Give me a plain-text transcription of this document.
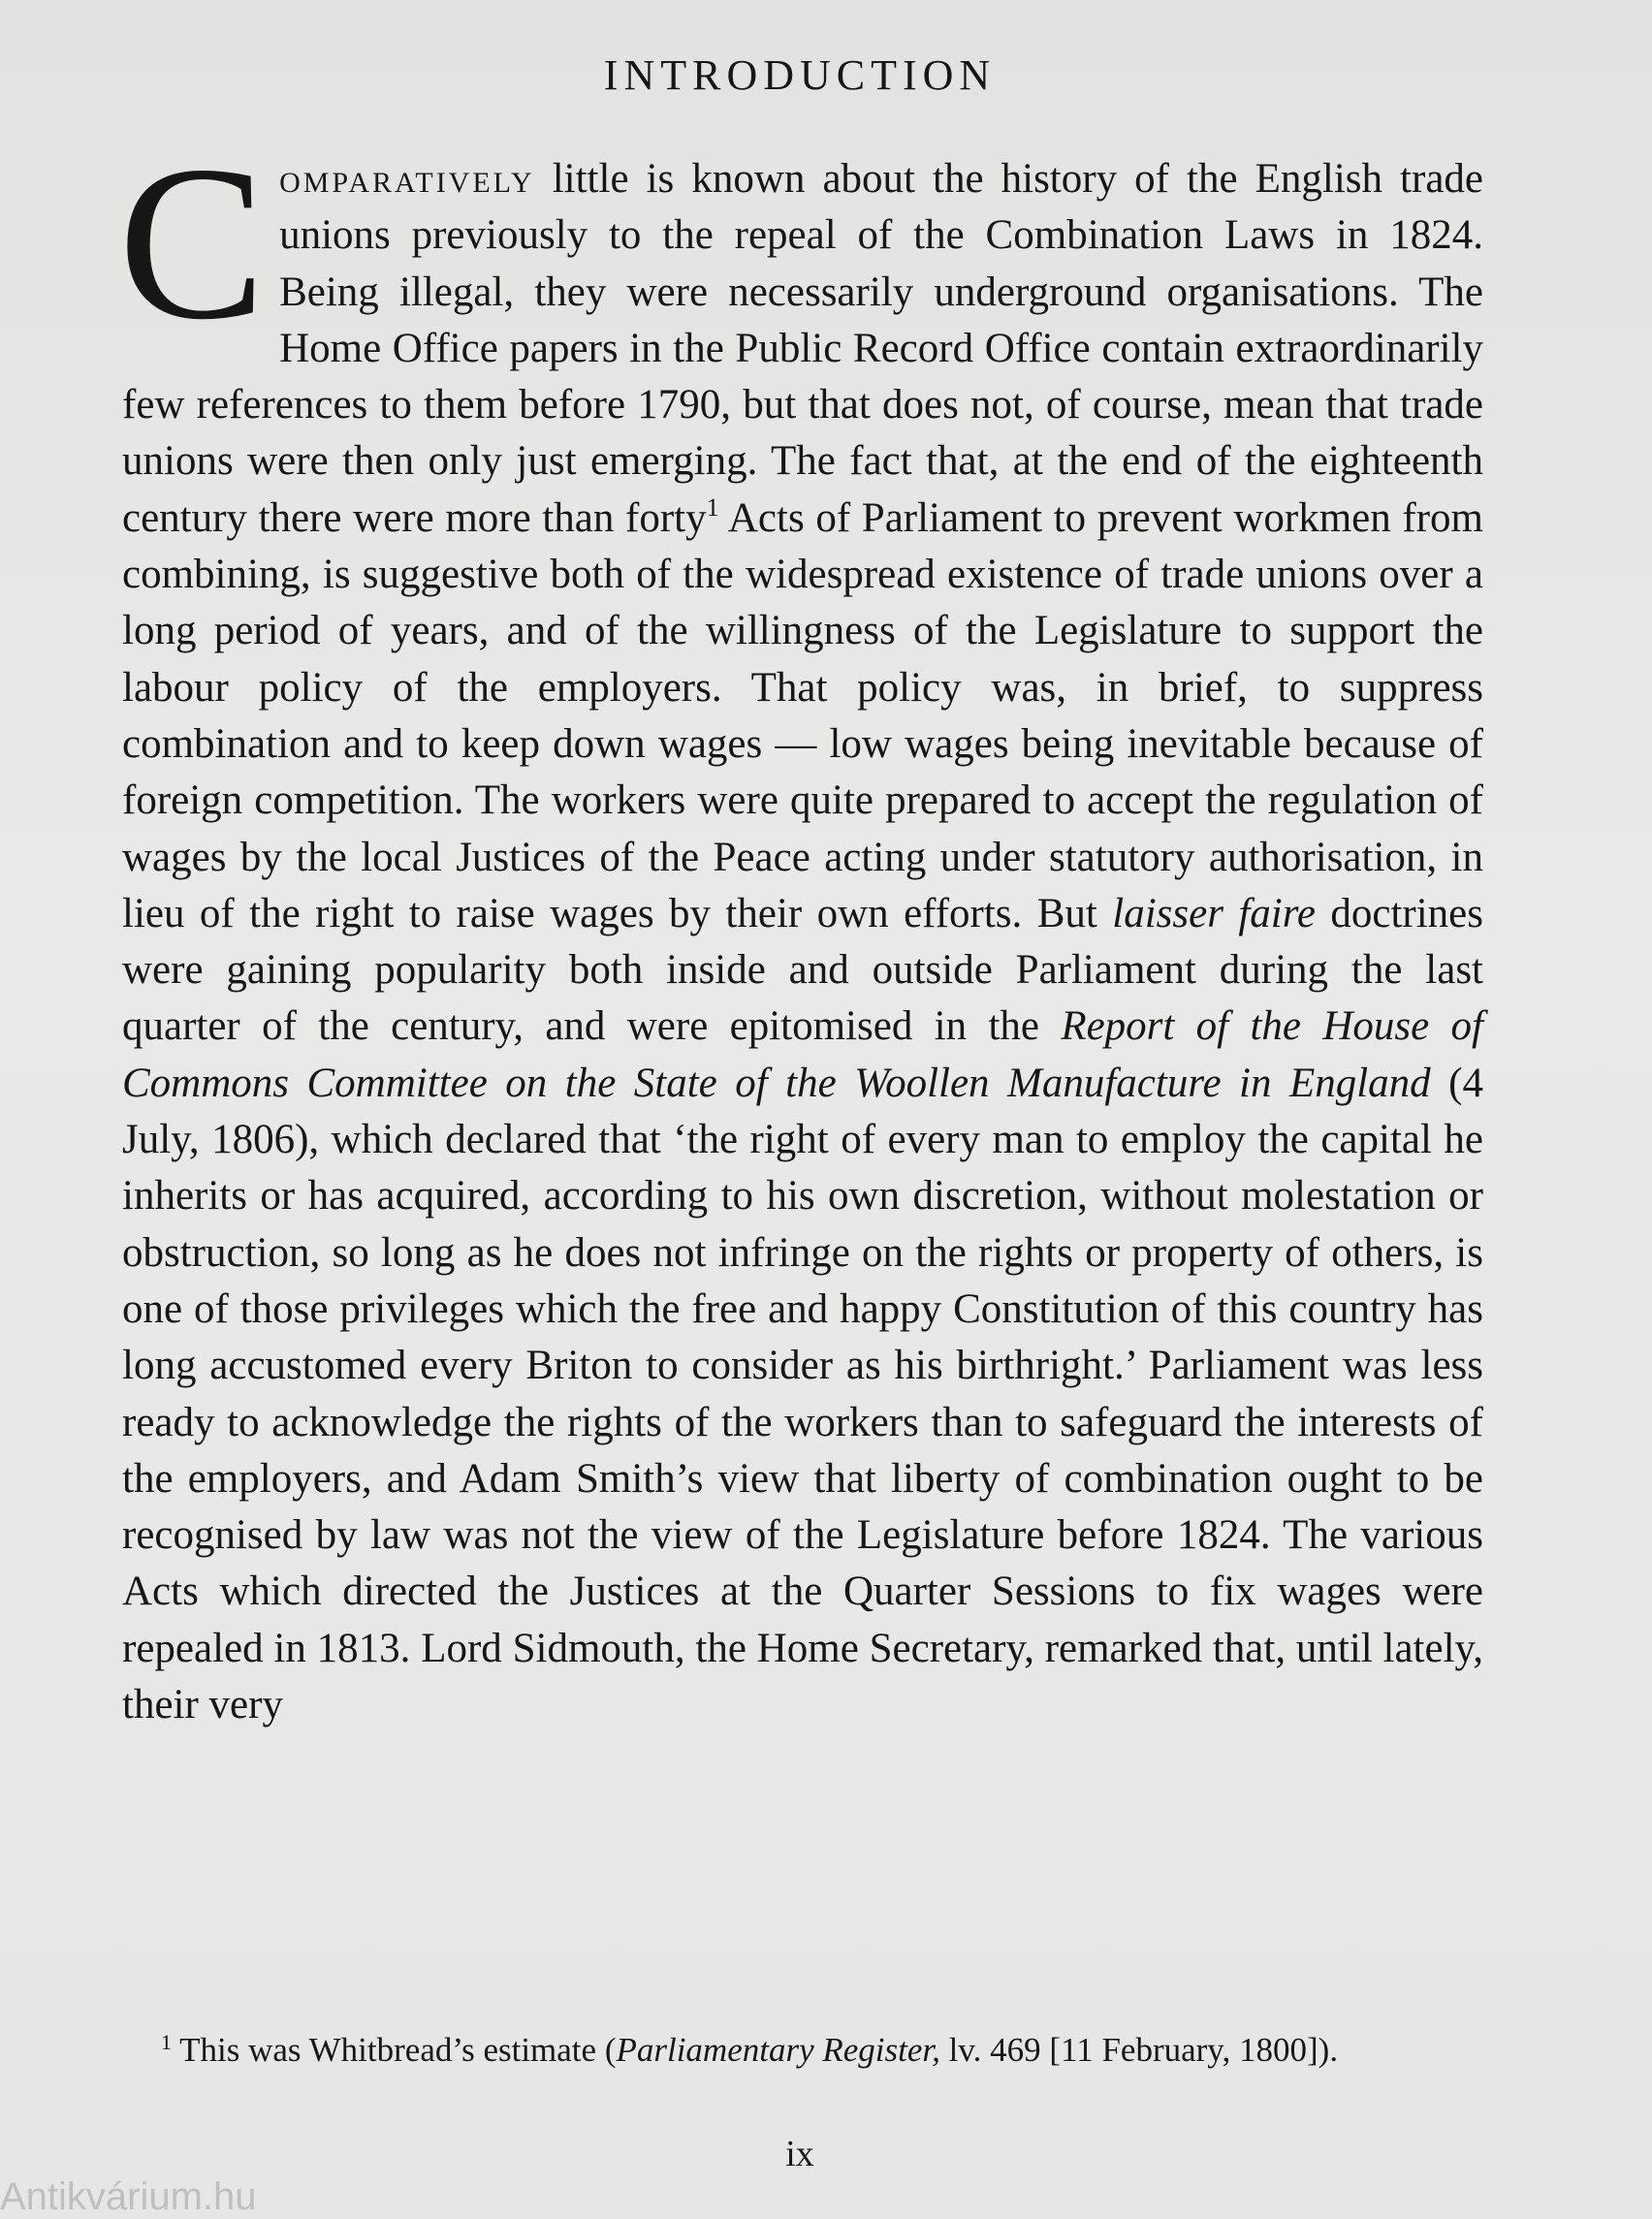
INTRODUCTION
Comparatively little is known about the history of the English trade unions previously to the repeal of the Combination Laws in 1824. Being illegal, they were necessarily underground organisations. The Home Office papers in the Public Record Office contain extraordinarily few references to them before 1790, but that does not, of course, mean that trade unions were then only just emerging. The fact that, at the end of the eighteenth century there were more than forty$^1$ Acts of Parliament to prevent workmen from combining, is suggestive both of the widespread existence of trade unions over a long period of years, and of the willingness of the Legislature to support the labour policy of the employers. That policy was, in brief, to suppress combination and to keep down wages — low wages being inevitable because of foreign competition. The workers were quite prepared to accept the regulation of wages by the local Justices of the Peace acting under statutory authorisation, in lieu of the right to raise wages by their own efforts. But laisser faire doctrines were gaining popularity both inside and outside Parliament during the last quarter of the century, and were epitomised in the Report of the House of Commons Committee on the State of the Woollen Manufacture in England (4 July, 1806), which declared that ‘the right of every man to employ the capital he inherits or has acquired, according to his own discretion, without molestation or obstruction, so long as he does not infringe on the rights or property of others, is one of those privileges which the free and happy Constitution of this country has long accustomed every Briton to consider as his birthright.’ Parliament was less ready to acknowledge the rights of the workers than to safeguard the interests of the employers, and Adam Smith’s view that liberty of combination ought to be recognised by law was not the view of the Legislature before 1824. The various Acts which directed the Justices at the Quarter Sessions to fix wages were repealed in 1813. Lord Sidmouth, the Home Secretary, remarked that, until lately, their very
$^1$ This was Whitbread’s estimate (Parliamentary Register, lv. 469 [11 February, 1800]).
ix
Antikvárium.hu
